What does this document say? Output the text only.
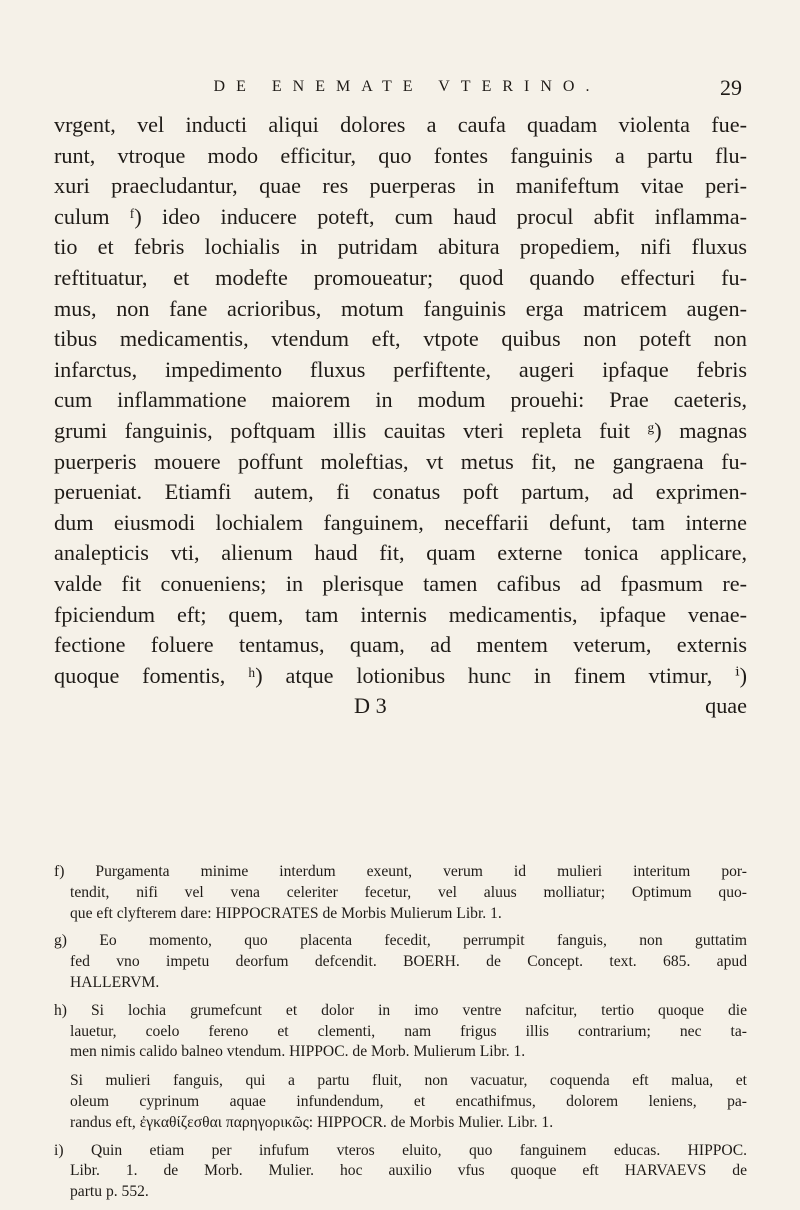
DE ENEMATE VTERINO.	29
vrgent, vel inducti aliqui dolores a caufa quadam violenta fue-
runt, vtroque modo efficitur, quo fontes fanguinis a partu flu-
xuri praecludantur, quae res puerperas in manifeftum vitae peri-
culum ᶠ) ideo inducere poteft, cum haud procul abfit inflamma-
tio et febris lochialis in putridam abitura propediem, nifi fluxus
reftituatur, et modefte promoueatur; quod quando effecturi fu-
mus, non fane acrioribus, motum fanguinis erga matricem augen-
tibus medicamentis, vtendum eft, vtpote quibus non poteft non
infarctus, impedimento fluxus perfiftente, augeri ipfaque febris
cum inflammatione maiorem in modum prouehi: Prae caeteris,
grumi fanguinis, poftquam illis cauitas vteri repleta fuit ᵍ) magnas
puerperis mouere poffunt moleftias, vt metus fit, ne gangraena fu-
perueniat. Etiamfi autem, fi conatus poft partum, ad exprimen-
dum eiusmodi lochialem fanguinem, neceffarii defunt, tam interne
analepticis vti, alienum haud fit, quam externe tonica applicare,
valde fit conueniens; in plerisque tamen cafibus ad fpasmum re-
fpiciendum eft; quem, tam internis medicamentis, ipfaque venae-
fectione foluere tentamus, quam, ad mentem veterum, externis
quoque fomentis, ʰ) atque lotionibus hunc in finem vtimur, ⁱ)
D 3	quae
f) Purgamenta minime interdum exeunt, verum id mulieri interitum por-
tendit, nifi vel vena celeriter fecetur, vel aluus molliatur; Optimum quo-
que eft clyfterem dare: HIPPOCRATES de Morbis Mulierum Libr. 1.
g) Eo momento, quo placenta fecedit, perrumpit fanguis, non guttatim
fed vno impetu deorfum defcendit. BOERH. de Concept. text. 685. apud
HALLERVM.
h) Si lochia grumefcunt et dolor in imo ventre nafcitur, tertio quoque die
lauetur, coelo fereno et clementi, nam frigus illis contrarium; nec ta-
men nimis calido balneo vtendum. HIPPOC. de Morb. Mulierum Libr. 1.
Si mulieri fanguis, qui a partu fluit, non vacuatur, coquenda eft malua, et
oleum cyprinum aquae infundendum, et encathifmus, dolorem leniens, pa-
randus eft, ἐγκαθίζεσθαι παρηγορικῶς: HIPPOCR. de Morbis Mulier. Libr. 1.
i) Quin etiam per infufum vteros eluito, quo fanguinem educas. HIPPOC.
Libr. 1. de Morb. Mulier. hoc auxilio vfus quoque eft HARVAEVS de
partu p. 552.
